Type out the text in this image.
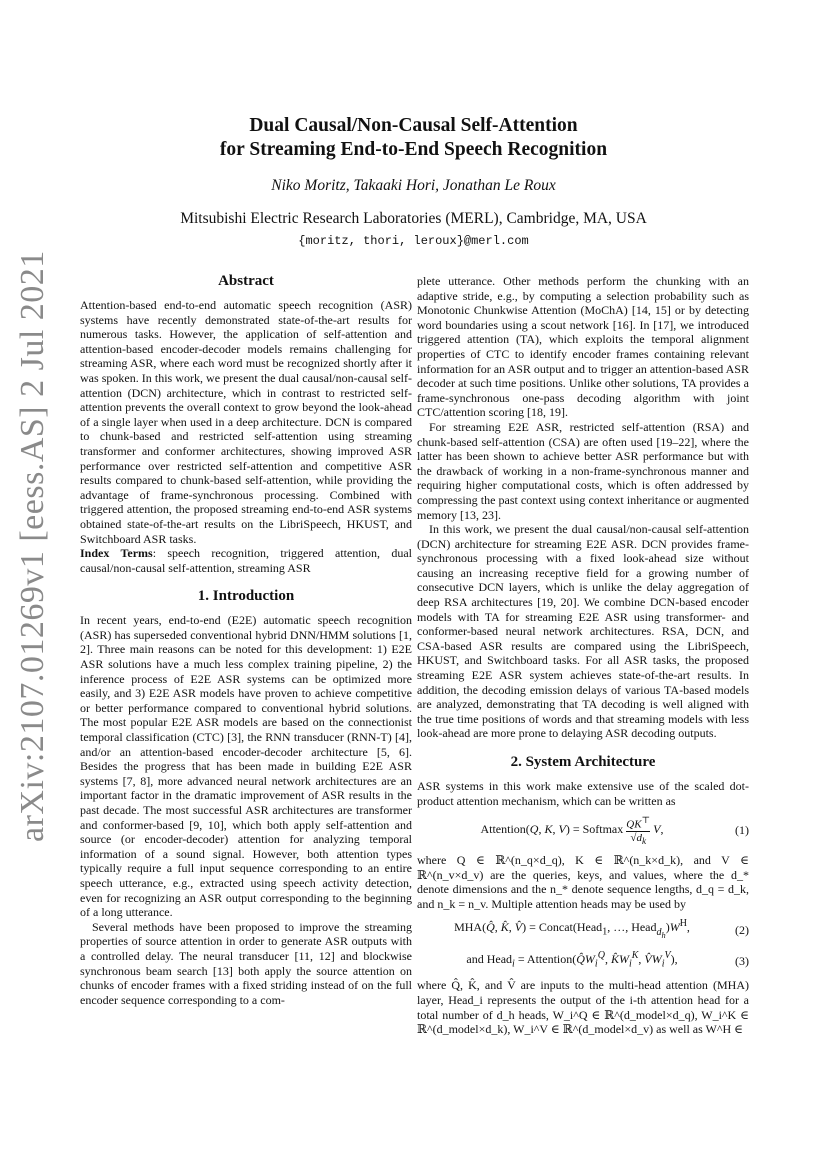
arXiv:2107.01269v1 [eess.AS] 2 Jul 2021
Dual Causal/Non-Causal Self-Attention
for Streaming End-to-End Speech Recognition
Niko Moritz, Takaaki Hori, Jonathan Le Roux
Mitsubishi Electric Research Laboratories (MERL), Cambridge, MA, USA
{moritz, thori, leroux}@merl.com
Abstract

Attention-based end-to-end automatic speech recognition (ASR) systems have recently demonstrated state-of-the-art results for numerous tasks. However, the application of self-attention and attention-based encoder-decoder models remains challenging for streaming ASR, where each word must be recognized shortly after it was spoken. In this work, we present the dual causal/non-causal self-attention (DCN) architecture, which in contrast to restricted self-attention prevents the overall context to grow beyond the look-ahead of a single layer when used in a deep architecture. DCN is compared to chunk-based and restricted self-attention using streaming transformer and conformer architectures, showing improved ASR performance over restricted self-attention and competitive ASR results compared to chunk-based self-attention, while providing the advantage of frame-synchronous processing. Combined with triggered attention, the proposed streaming end-to-end ASR systems obtained state-of-the-art results on the LibriSpeech, HKUST, and Switchboard ASR tasks.

Index Terms: speech recognition, triggered attention, dual causal/non-causal self-attention, streaming ASR

1. Introduction

In recent years, end-to-end (E2E) automatic speech recognition (ASR) has superseded conventional hybrid DNN/HMM solutions [1, 2]. Three main reasons can be noted for this development: 1) E2E ASR solutions have a much less complex training pipeline, 2) the inference process of E2E ASR systems can be optimized more easily, and 3) E2E ASR models have proven to achieve competitive or better performance compared to conventional hybrid solutions. The most popular E2E ASR models are based on the connectionist temporal classification (CTC) [3], the RNN transducer (RNN-T) [4], and/or an attention-based encoder-decoder architecture [5, 6]. Besides the progress that has been made in building E2E ASR systems [7, 8], more advanced neural network architectures are an important factor in the dramatic improvement of ASR results in the past decade. The most successful ASR architectures are transformer and conformer-based [9, 10], which both apply self-attention and source (or encoder-decoder) attention for analyzing temporal information of a sound signal. However, both attention types typically require a full input sequence corresponding to an entire speech utterance, e.g., extracted using speech activity detection, even for recognizing an ASR output corresponding to the beginning of a long utterance.

Several methods have been proposed to improve the streaming properties of source attention in order to generate ASR outputs with a controlled delay. The neural transducer [11, 12] and blockwise synchronous beam search [13] both apply the source attention on chunks of encoder frames with a fixed striding instead of on the full encoder sequence corresponding to a com-

plete utterance. Other methods perform the chunking with an adaptive stride, e.g., by computing a selection probability such as Monotonic Chunkwise Attention (MoChA) [14, 15] or by detecting word boundaries using a scout network [16]. In [17], we introduced triggered attention (TA), which exploits the temporal alignment properties of CTC to identify encoder frames containing relevant information for an ASR output and to trigger an attention-based ASR decoder at such time positions. Unlike other solutions, TA provides a frame-synchronous one-pass decoding algorithm with joint CTC/attention scoring [18, 19].

For streaming E2E ASR, restricted self-attention (RSA) and chunk-based self-attention (CSA) are often used [19–22], where the latter has been shown to achieve better ASR performance but with the drawback of working in a non-frame-synchronous manner and requiring higher computational costs, which is often addressed by compressing the past context using context inheritance or augmented memory [13, 23].

In this work, we present the dual causal/non-causal self-attention (DCN) architecture for streaming E2E ASR. DCN provides frame-synchronous processing with a fixed look-ahead size without causing an increasing receptive field for a growing number of consecutive DCN layers, which is unlike the delay aggregation of deep RSA architectures [19, 20]. We combine DCN-based encoder models with TA for streaming E2E ASR using transformer- and conformer-based neural network architectures. RSA, DCN, and CSA-based ASR results are compared using the LibriSpeech, HKUST, and Switchboard tasks. For all ASR tasks, the proposed streaming E2E ASR system achieves state-of-the-art results. In addition, the decoding emission delays of various TA-based models are analyzed, demonstrating that TA decoding is well aligned with the true time positions of words and that streaming models with less look-ahead are more prone to delaying ASR decoding outputs.

2. System Architecture

ASR systems in this work make extensive use of the scaled dot-product attention mechanism, which can be written as

Attention(Q, K, V) = Softmax $\frac{QK^⊤}{√d_k} V$,	(1)

where Q ∈ ℝ^(n_q×d_q), K ∈ ℝ^(n_k×d_k), and V ∈ ℝ^(n_v×d_v) are the queries, keys, and values, where the d_* denote dimensions and the n_* denote sequence lengths, d_q = d_k, and n_k = n_v. Multiple attention heads may be used by

MHA(Q̂, K̂, V̂) = Concat(Head$_1$, …, $Head_{d_h})W^H$,	(2)
and Head$_i$ = $Attention(Q̂W_i^Q$, $K̂W_i^K$, $V̂W_i^V$),	(3)

where Q̂, K̂, and V̂ are inputs to the multi-head attention (MHA) layer, Head_i represents the output of the i-th attention head for a total number of d_h heads, W_i^Q ∈ ℝ^(d_model×d_q), W_i^K ∈ ℝ^(d_model×d_k), W_i^V ∈ ℝ^(d_model×d_v) as well as W^H ∈
